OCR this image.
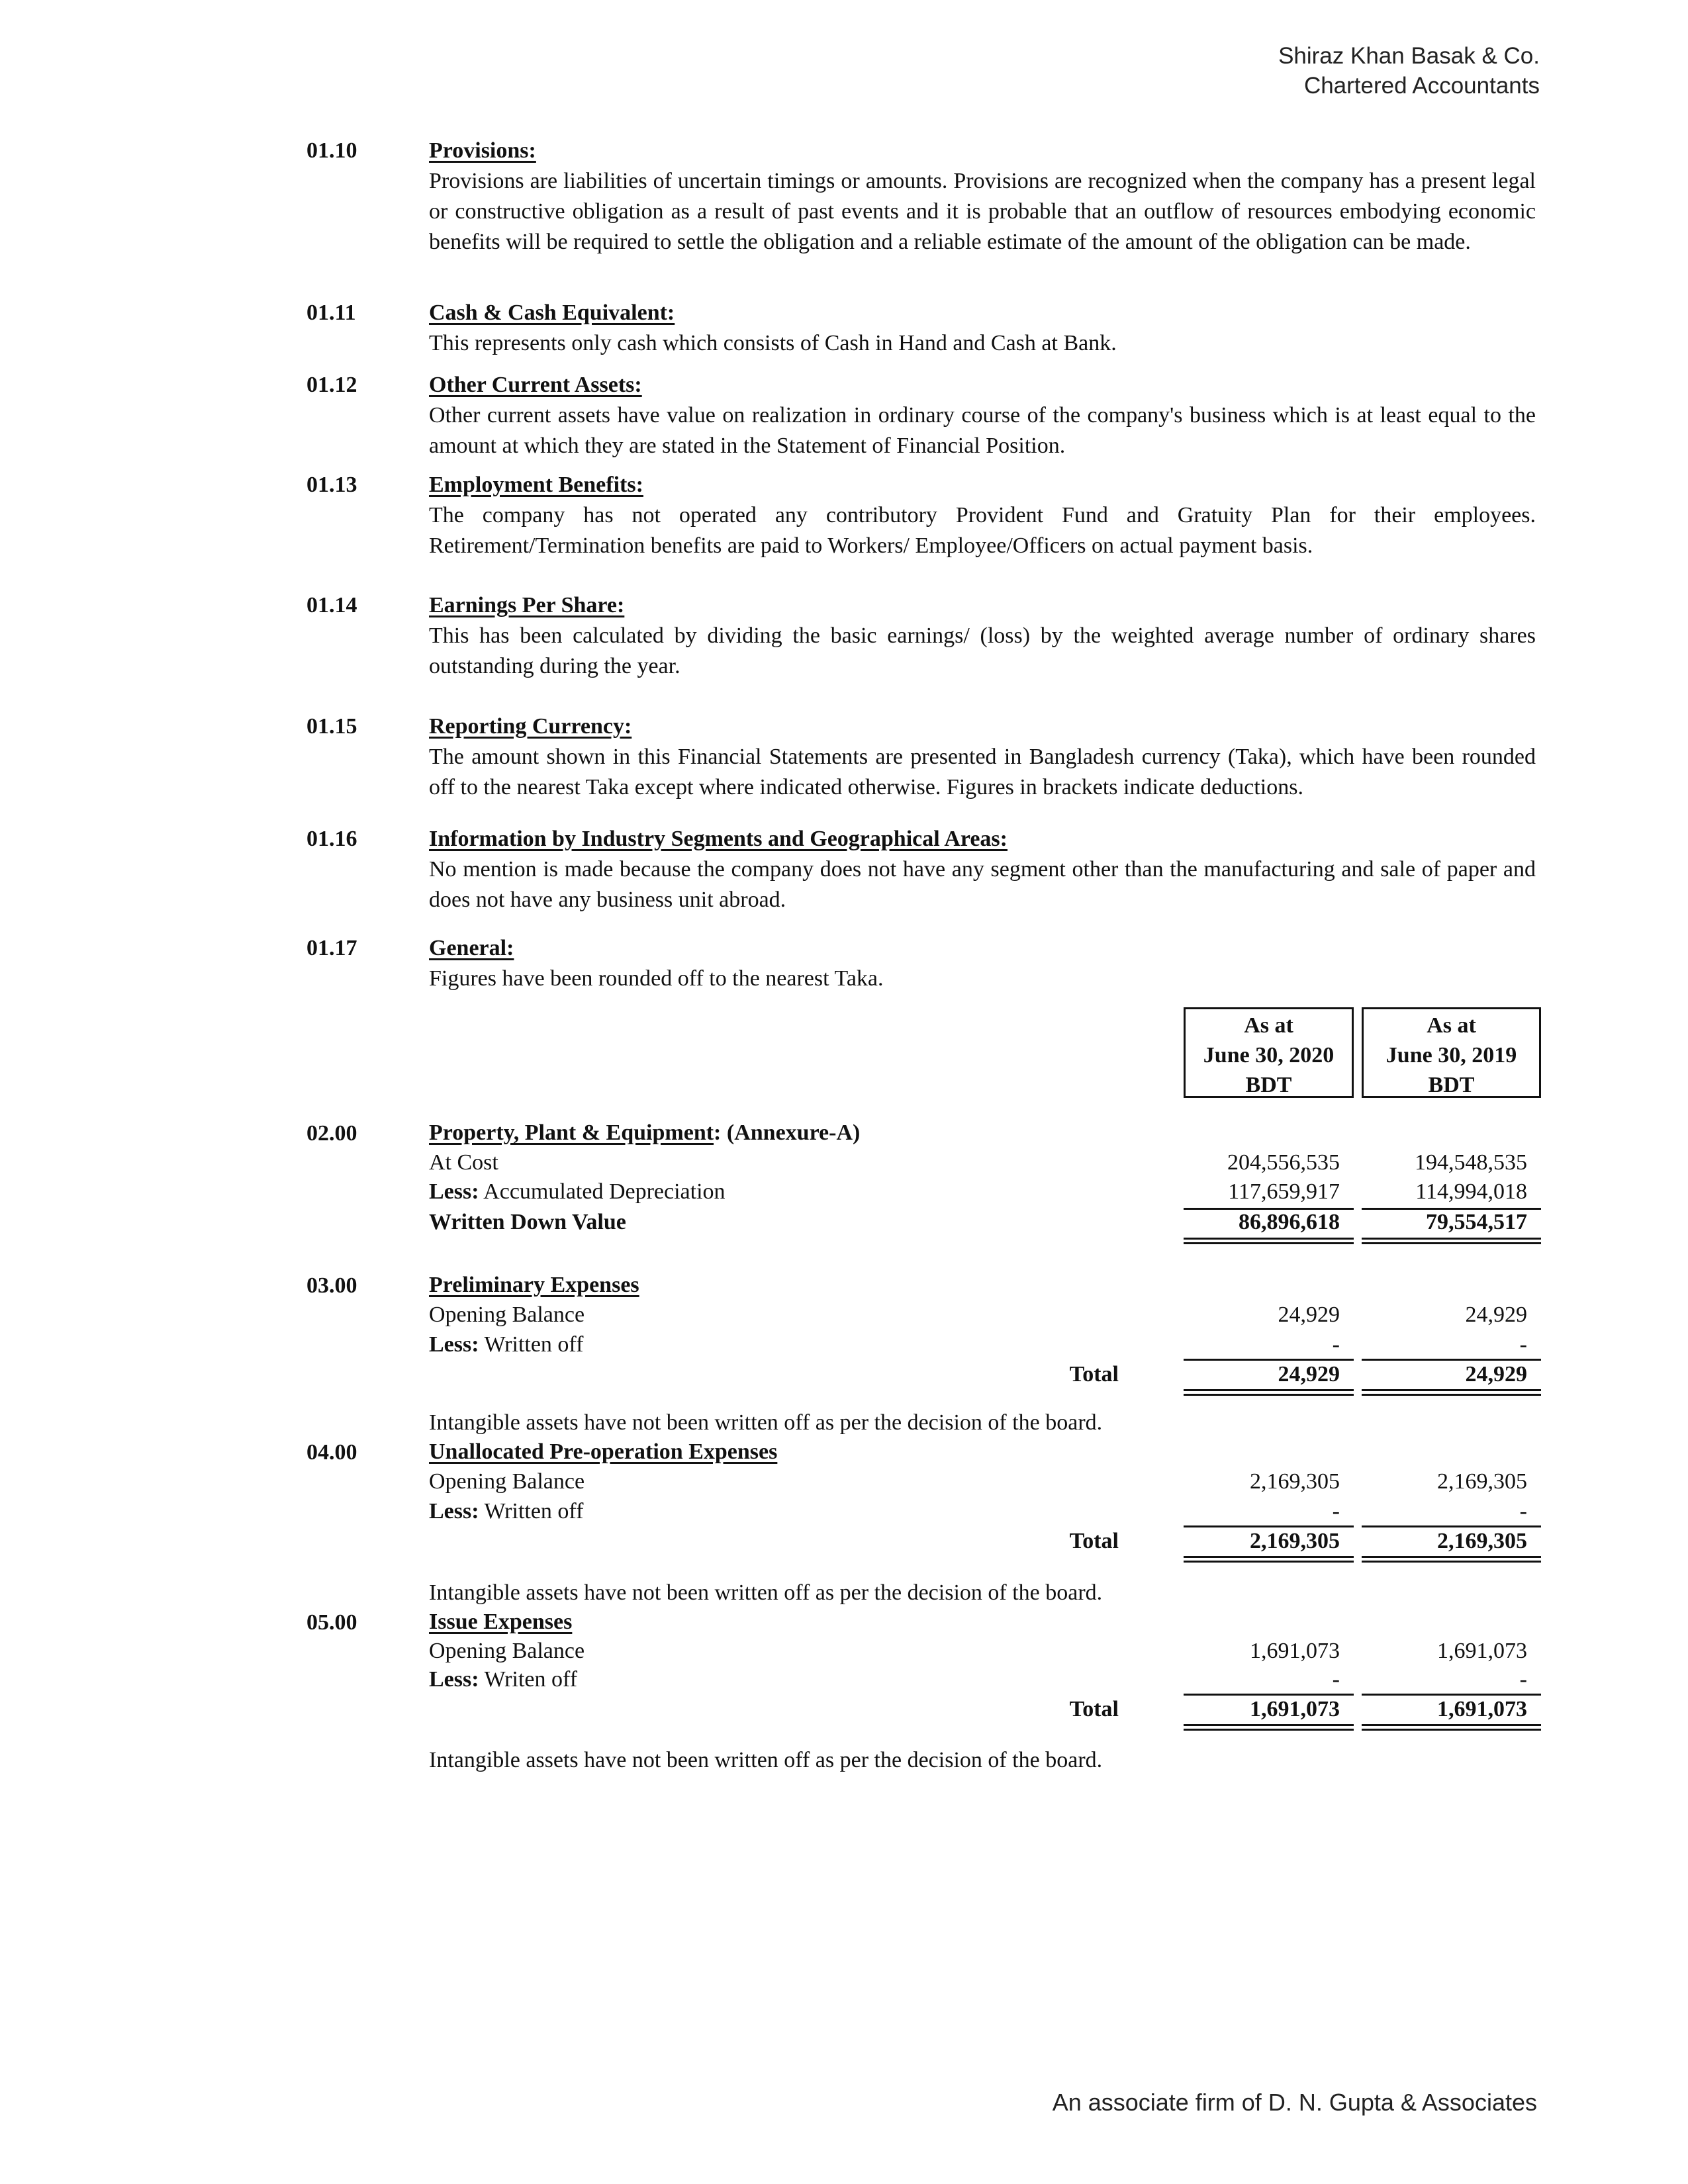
Shiraz Khan Basak & Co.
Chartered Accountants
01.10	Provisions:

Provisions are liabilities of uncertain timings or amounts. Provisions are recognized when the company has a present legal or constructive obligation as a result of past events and it is probable that an outflow of resources embodying economic benefits will be required to settle the obligation and a reliable estimate of the amount of the obligation can be made.

01.11	Cash & Cash Equivalent:

This represents only cash which consists of Cash in Hand and Cash at Bank.

01.12	Other Current Assets:

Other current assets have value on realization in ordinary course of the company's business which is at least equal to the amount at which they are stated in the Statement of Financial Position.

01.13	Employment Benefits:

The company has not operated any contributory Provident Fund and Gratuity Plan for their employees. Retirement/Termination benefits are paid to Workers/ Employee/Officers on actual payment basis.

01.14	Earnings Per Share:

This has been calculated by dividing the basic earnings/ (loss) by the weighted average number of ordinary shares outstanding during the year.

01.15	Reporting Currency:

The amount shown in this Financial Statements are presented in Bangladesh currency (Taka), which have been rounded off to the nearest Taka except where indicated otherwise. Figures in brackets indicate deductions.

01.16	Information by Industry Segments and Geographical Areas:

No mention is made because the company does not have any segment other than the manufacturing and sale of paper and does not have any business unit abroad.

01.17	General:

Figures have been rounded off to the nearest Taka.

As at
June 30, 2020
BDT
As at
June 30, 2019
BDT
02.00	Property, Plant & Equipment: (Annexure-A)
At Cost	204,556,535	194,548,535
Less: Accumulated Depreciation	117,659,917	114,994,018
Written Down Value	86,896,618	79,554,517
03.00	Preliminary Expenses
Opening Balance	24,929	24,929
Less: Written off	-	-
Total	24,929	24,929
Intangible assets have not been written off as per the decision of the board.
04.00	Unallocated Pre-operation Expenses
Opening Balance	2,169,305	2,169,305
Less: Written off	-	-
Total	2,169,305	2,169,305
Intangible assets have not been written off as per the decision of the board.
05.00	Issue Expenses
Opening Balance	1,691,073	1,691,073
Less: Writen off	-	-
Total	1,691,073	1,691,073
Intangible assets have not been written off as per the decision of the board.
An associate firm of D. N. Gupta & Associates
